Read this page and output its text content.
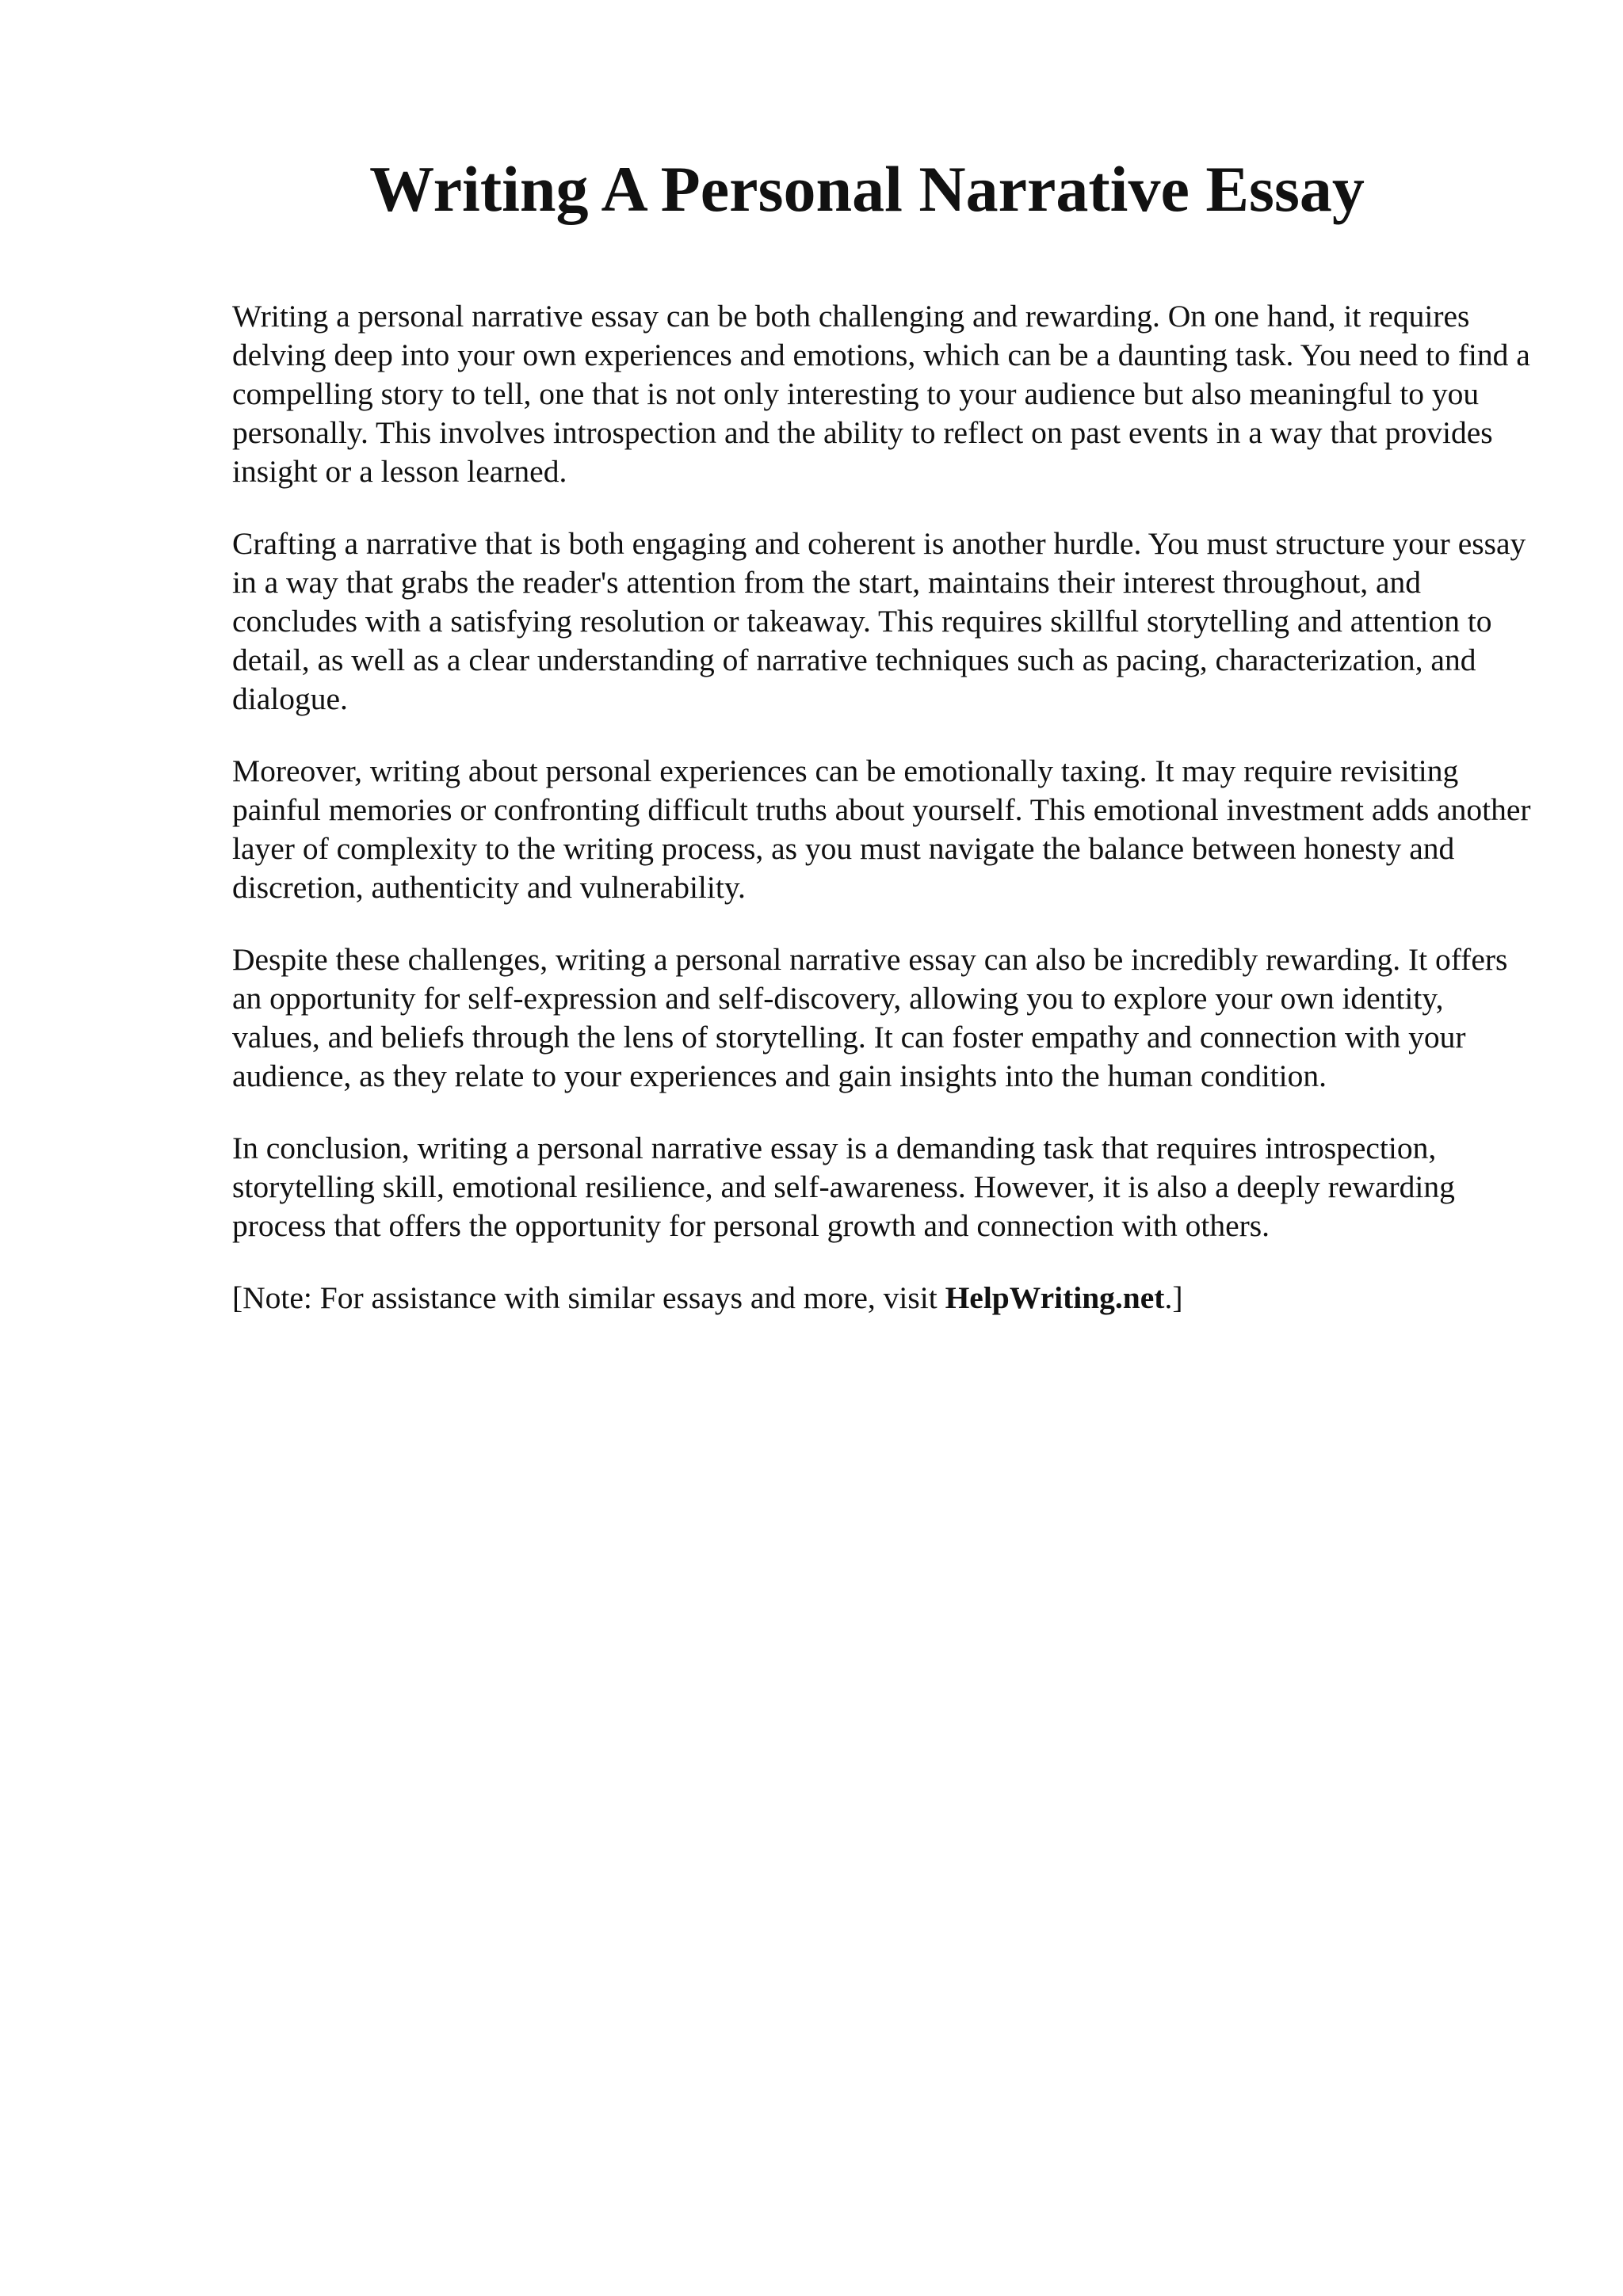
Writing A Personal Narrative Essay

Writing a personal narrative essay can be both challenging and rewarding. On one hand, it requires delving deep into your own experiences and emotions, which can be a daunting task. You need to find a compelling story to tell, one that is not only interesting to your audience but also meaningful to you personally. This involves introspection and the ability to reflect on past events in a way that provides insight or a lesson learned.

Crafting a narrative that is both engaging and coherent is another hurdle. You must structure your essay in a way that grabs the reader's attention from the start, maintains their interest throughout, and concludes with a satisfying resolution or takeaway. This requires skillful storytelling and attention to detail, as well as a clear understanding of narrative techniques such as pacing, characterization, and dialogue.

Moreover, writing about personal experiences can be emotionally taxing. It may require revisiting painful memories or confronting difficult truths about yourself. This emotional investment adds another layer of complexity to the writing process, as you must navigate the balance between honesty and discretion, authenticity and vulnerability.

Despite these challenges, writing a personal narrative essay can also be incredibly rewarding. It offers an opportunity for self-expression and self-discovery, allowing you to explore your own identity, values, and beliefs through the lens of storytelling. It can foster empathy and connection with your audience, as they relate to your experiences and gain insights into the human condition.

In conclusion, writing a personal narrative essay is a demanding task that requires introspection, storytelling skill, emotional resilience, and self-awareness. However, it is also a deeply rewarding process that offers the opportunity for personal growth and connection with others.

[Note: For assistance with similar essays and more, visit HelpWriting.net.]
